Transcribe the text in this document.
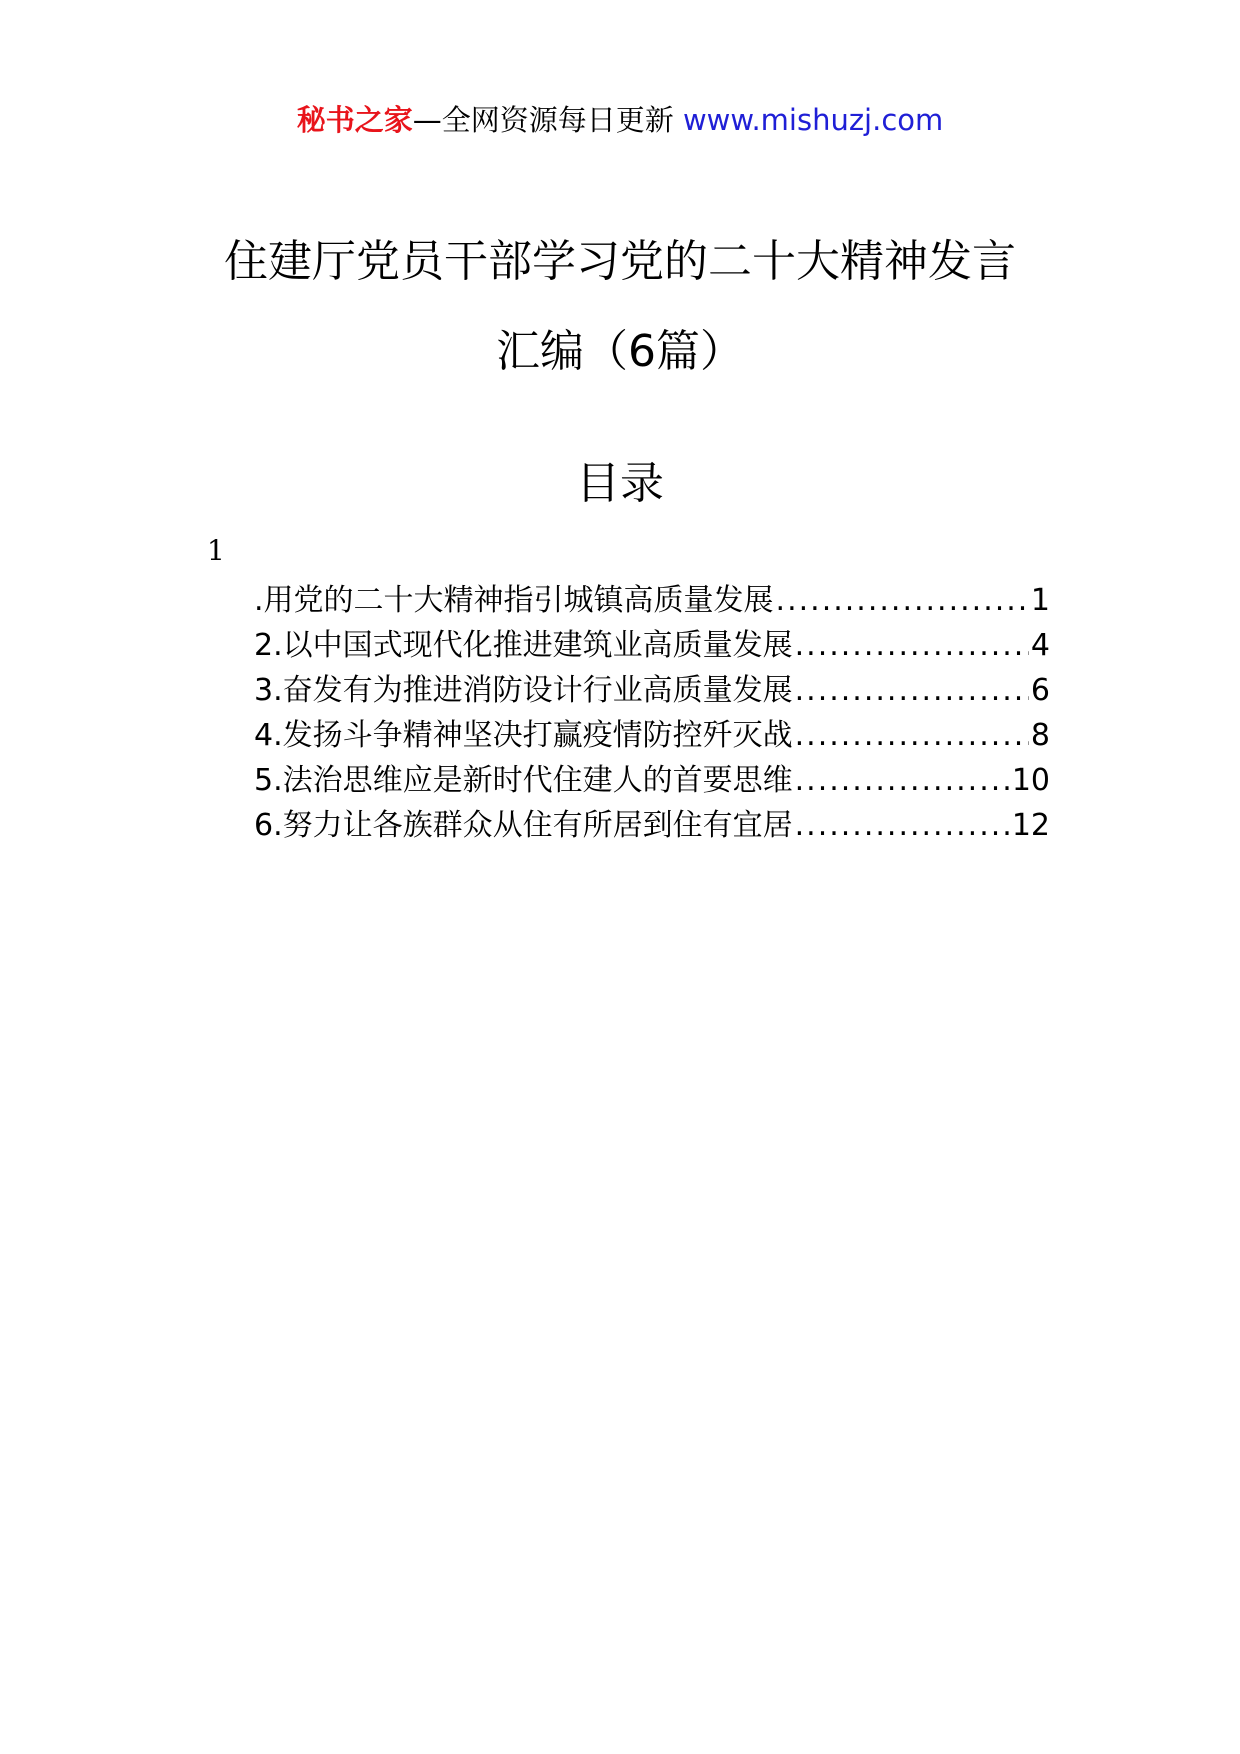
秘书之家—全网资源每日更新 www.mishuzj.com
住建厅党员干部学习党的二十大精神发言
汇编（6篇）
目录
1
.用党的二十大精神指引城镇高质量发展 .....	1
2.以中国式现代化推进建筑业高质量发展 .....	4
3.奋发有为推进消防设计行业高质量发展 .....	6
4.发扬斗争精神坚决打赢疫情防控歼灭战 .....	8
5.法治思维应是新时代住建人的首要思维 .....	10
6.努力让各族群众从住有所居到住有宜居 .....	12
